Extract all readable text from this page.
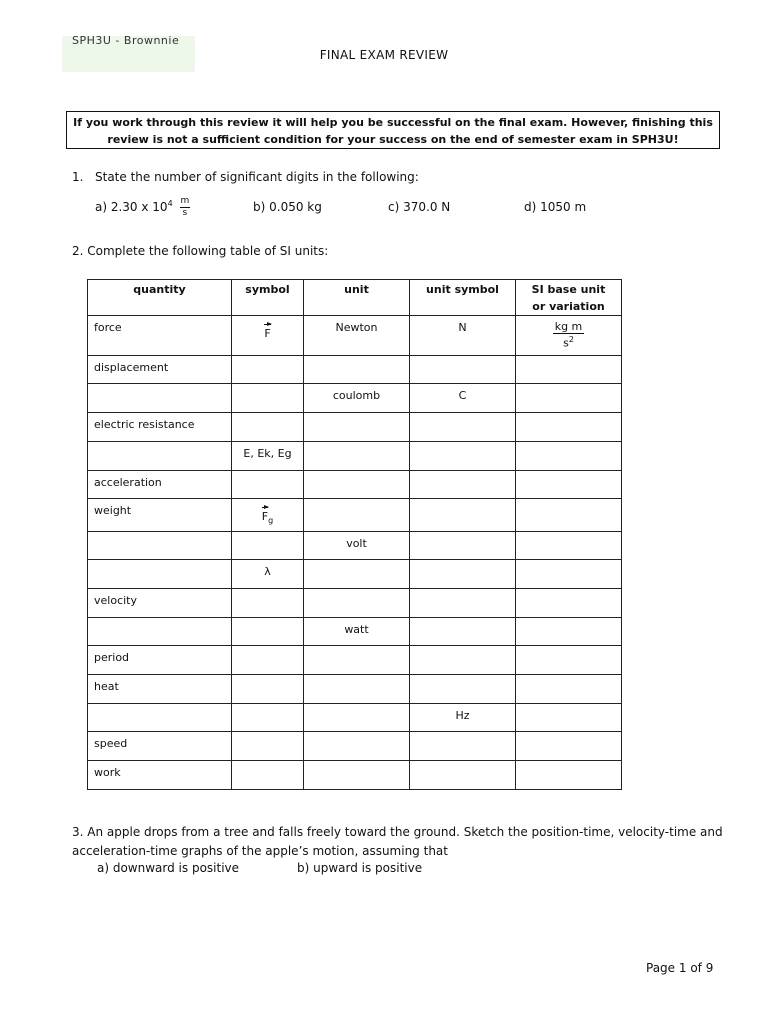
SPH3U - Brownnie
FINAL EXAM REVIEW
If you work through this review it will help you be successful on the final exam. However, finishing this review is not a sufficient condition for your success on the end of semester exam in SPH3U!
1. State the number of significant digits in the following:
a) 2.30 x $10^4 \frac{m}{s}$	b) 0.050 kg	c) 370.0 N	d) 1050 m
2. Complete the following table of SI units:
quantity	symbol	unit	unit symbol	SI base unit
or variation

force	F	Newton	N	$\frac{\text{kg m}}{s^2}$

displacement				
		coulomb	C	
electric resistance				
	E, Ek, Eg			
acceleration				
weight	$F_g$			
		volt		
	λ			
velocity				
		watt		
period				
heat				
			Hz	
speed				
work				
3. An apple drops from a tree and falls freely toward the ground. Sketch the position-time, velocity-time and acceleration-time graphs of the apple’s motion, assuming that
a) downward is positive	b) upward is positive
Page 1 of 9
